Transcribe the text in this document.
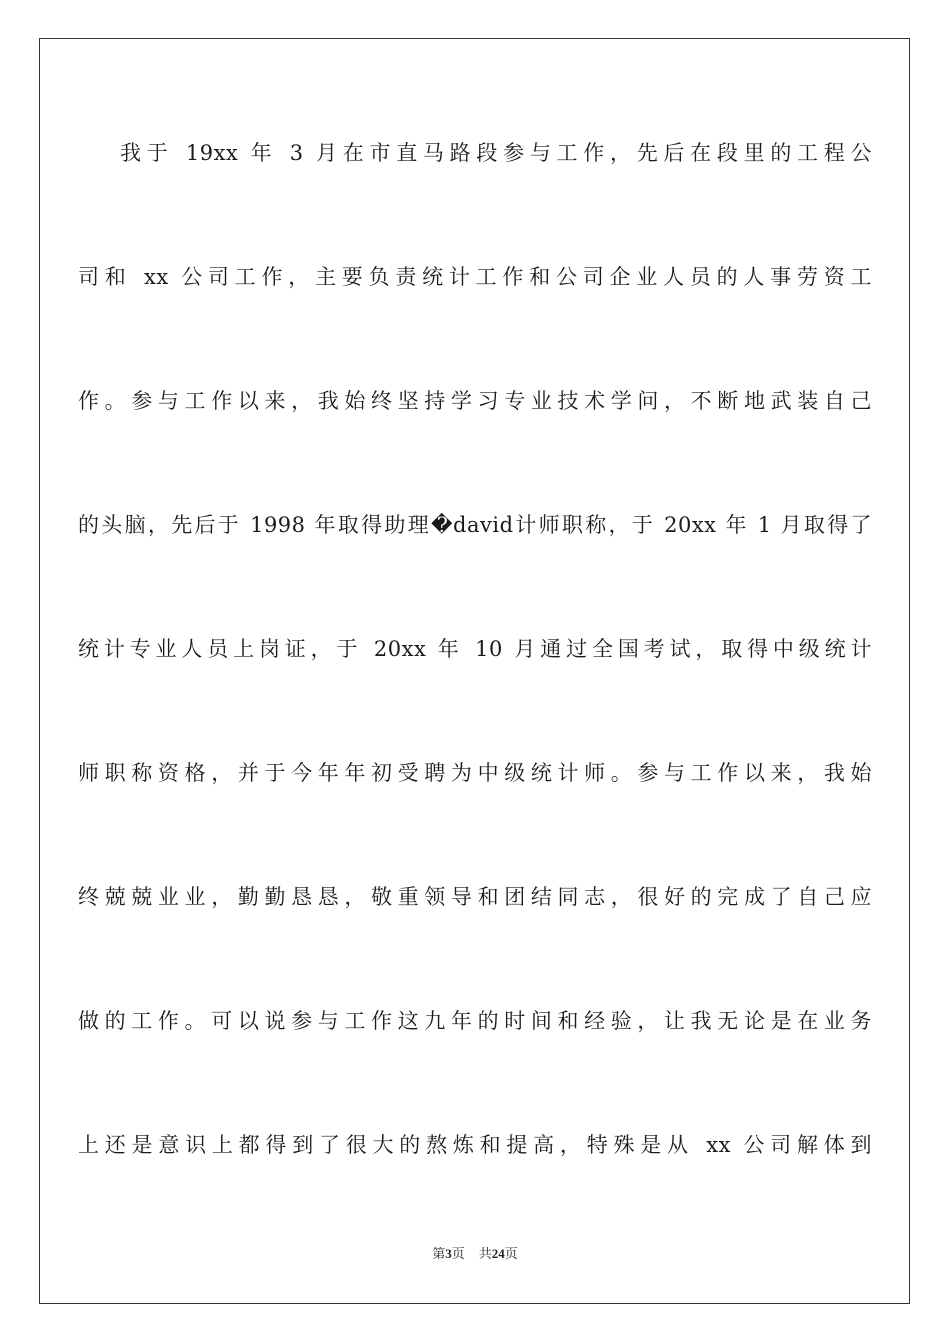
我于 19xx 年 3 月在市直马路段参与工作，先后在段里的工程公
司和 xx 公司工作，主要负责统计工作和公司企业人员的人事劳资工
作。参与工作以来，我始终坚持学习专业技术学问，不断地武装自己
的头脑，先后于 1998 年取得助理�david计师职称，于 20xx 年 1 月取得了
统计专业人员上岗证，于 20xx 年 10 月通过全国考试，取得中级统计
师职称资格，并于今年年初受聘为中级统计师。参与工作以来，我始
终兢兢业业，勤勤恳恳，敬重领导和团结同志，很好的完成了自己应
做的工作。可以说参与工作这九年的时间和经验，让我无论是在业务
上还是意识上都得到了很大的熬炼和提高，特殊是从 xx 公司解体到
第3页 共24页
